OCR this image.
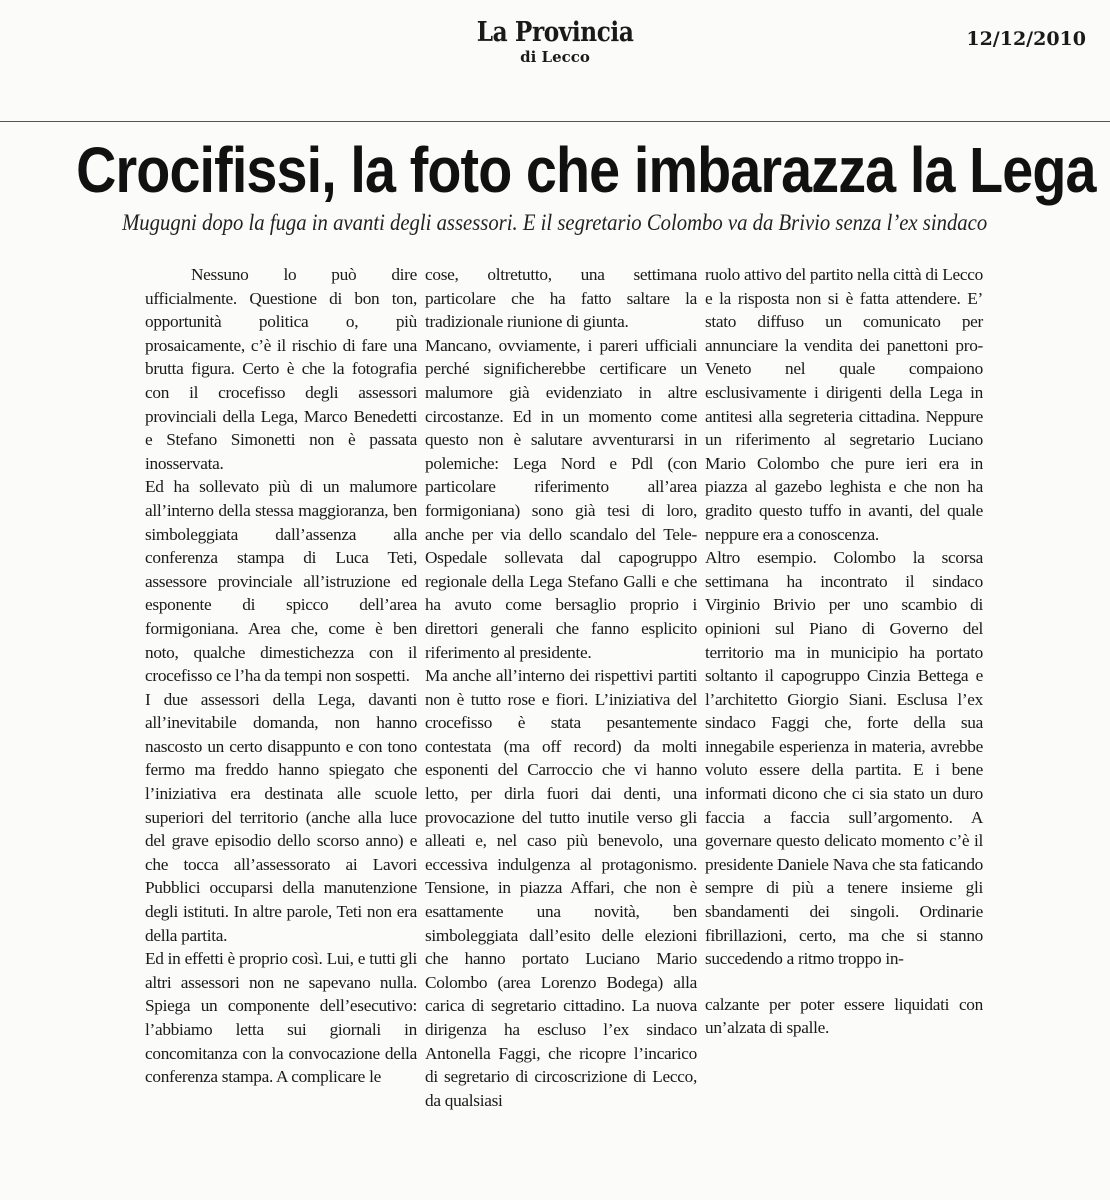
La Provincia
di Lecco
12/12/2010
Crocifissi, la foto che imbarazza la Lega
Mugugni dopo la fuga in avanti degli assessori. E il segretario Colombo va da Brivio senza l’ex sindaco

Nessuno lo può dire ufficialmente. Questione di bon ton, opportunità politica o, più prosaicamente, c’è il rischio di fare una brutta figura. Certo è che la fotografia con il crocefisso degli assessori provinciali della Lega, Marco Benedetti e Stefano Simonetti non è passata inosservata.

Ed ha sollevato più di un malumore all’interno della stessa maggioranza, ben simboleggiata dall’assenza alla conferenza stampa di Luca Teti, assessore provinciale all’istruzione ed esponente di spicco dell’area formigoniana. Area che, come è ben noto, qualche dimestichezza con il crocefisso ce l’ha da tempi non sospetti.

I due assessori della Lega, davanti all’inevitabile domanda, non hanno nascosto un certo disappunto e con tono fermo ma freddo hanno spiegato che l’iniziativa era destinata alle scuole superiori del territorio (anche alla luce del grave episodio dello scorso anno) e che tocca all’assessorato ai Lavori Pubblici occuparsi della manutenzione degli istituti. In altre parole, Teti non era della partita.

Ed in effetti è proprio così. Lui, e tutti gli altri assessori non ne sapevano nulla. Spiega un componente dell’esecutivo: l’abbiamo letta sui giornali in concomitanza con la convocazione della conferenza stampa. A complicare le

cose, oltretutto, una settimana particolare che ha fatto saltare la tradizionale riunione di giunta.

Mancano, ovviamente, i pareri ufficiali perché significherebbe certificare un malumore già evidenziato in altre circostanze. Ed in un momento come questo non è salutare avventurarsi in polemiche: Lega Nord e Pdl (con particolare riferimento all’area formigoniana) sono già tesi di loro, anche per via dello scandalo del Tele-Ospedale sollevata dal capogruppo regionale della Lega Stefano Galli e che ha avuto come bersaglio proprio i direttori generali che fanno esplicito riferimento al presidente.

Ma anche all’interno dei rispettivi partiti non è tutto rose e fiori. L’iniziativa del crocefisso è stata pesantemente contestata (ma off record) da molti esponenti del Carroccio che vi hanno letto, per dirla fuori dai denti, una provocazione del tutto inutile verso gli alleati e, nel caso più benevolo, una eccessiva indulgenza al protagonismo. Tensione, in piazza Affari, che non è esattamente una novità, ben simboleggiata dall’esito delle elezioni che hanno portato Luciano Mario Colombo (area Lorenzo Bodega) alla carica di segretario cittadino. La nuova dirigenza ha escluso l’ex sindaco Antonella Faggi, che ricopre l’incarico di segretario di circoscrizione di Lecco, da qualsiasi

ruolo attivo del partito nella città di Lecco e la risposta non si è fatta attendere. E’ stato diffuso un comunicato per annunciare la vendita dei panettoni pro-Veneto nel quale compaiono esclusivamente i dirigenti della Lega in antitesi alla segreteria cittadina. Neppure un riferimento al segretario Luciano Mario Colombo che pure ieri era in piazza al gazebo leghista e che non ha gradito questo tuffo in avanti, del quale neppure era a conoscenza.

Altro esempio. Colombo la scorsa settimana ha incontrato il sindaco Virginio Brivio per uno scambio di opinioni sul Piano di Governo del territorio ma in municipio ha portato soltanto il capogruppo Cinzia Bettega e l’architetto Giorgio Siani. Esclusa l’ex sindaco Faggi che, forte della sua innegabile esperienza in materia, avrebbe voluto essere della partita. E i bene informati dicono che ci sia stato un duro faccia a faccia sull’argomento. A governare questo delicato momento c’è il presidente Daniele Nava che sta faticando sempre di più a tenere insieme gli sbandamenti dei singoli. Ordinarie fibrillazioni, certo, ma che si stanno succedendo a ritmo troppo in-

calzante per poter essere liquidati con un’alzata di spalle.
